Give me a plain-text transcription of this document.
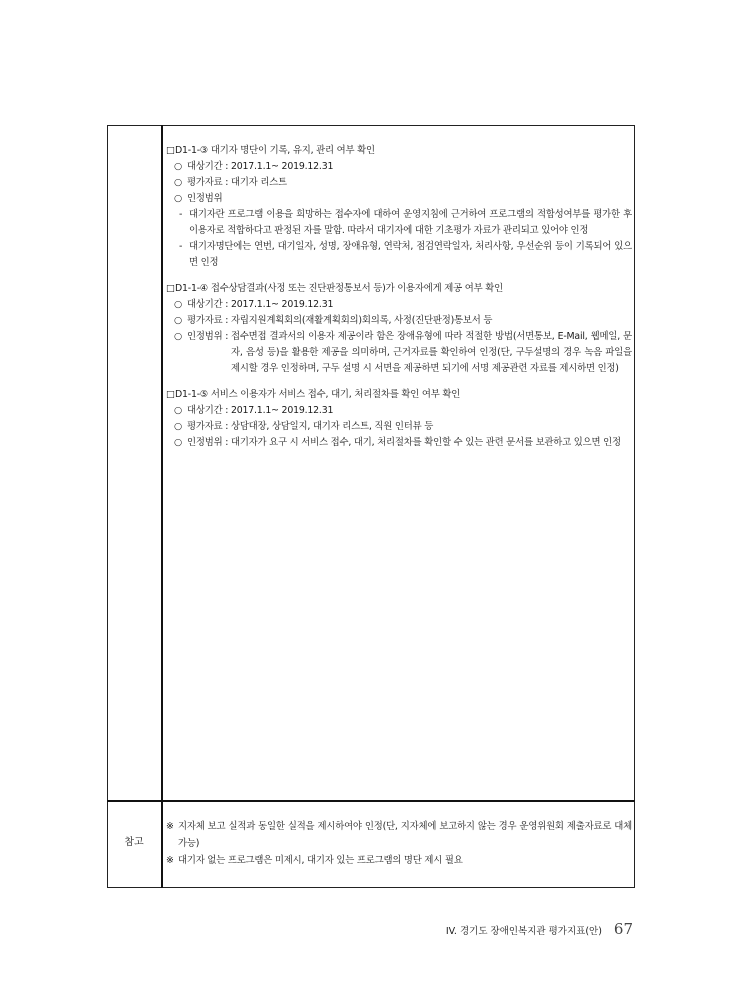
□ D1-1-③ 대기자 명단이 기록, 유지, 관리 여부 확인
○ 대상기간 : 2017.1.1~ 2019.12.31
○ 평가자료 : 대기자 리스트
○ 인정범위
- 대기자란 프로그램 이용을 희망하는 접수자에 대하여 운영지침에 근거하여 프로그램의 적합성여부를 평가한 후 이용자로 적합하다고 판정된 자를 말함. 따라서 대기자에 대한 기초평가 자료가 관리되고 있어야 인정
- 대기자명단에는 연번, 대기일자, 성명, 장애유형, 연락처, 점검연락일자, 처리사항, 우선순위 등이 기록되어 있으면 인정
□ D1-1-④ 접수상담결과(사정 또는 진단판정통보서 등)가 이용자에게 제공 여부 확인
○ 대상기간 : 2017.1.1~ 2019.12.31
○ 평가자료 : 자립지원계획회의(재활계획회의)회의록, 사정(진단판정)통보서 등
○ 인정범위 : 접수면접 결과서의 이용자 제공이라 함은 장애유형에 따라 적절한 방법(서면통보, E-Mail, 웹메일, 문자, 음성 등)을 활용한 제공을 의미하며, 근거자료를 확인하여 인정(단, 구두설명의 경우 녹음 파일을 제시할 경우 인정하며, 구두 설명 시 서면을 제공하면 되기에 서명 제공관련 자료를 제시하면 인정)
□ D1-1-⑤ 서비스 이용자가 서비스 접수, 대기, 처리절차를 확인 여부 확인
○ 대상기간 : 2017.1.1~ 2019.12.31
○ 평가자료 : 상담대장, 상담일지, 대기자 리스트, 직원 인터뷰 등
○ 인정범위 : 대기자가 요구 시 서비스 접수, 대기, 처리절차를 확인할 수 있는 관련 문서를 보관하고 있으면 인정
참고
※ 지자체 보고 실적과 동일한 실적을 제시하여야 인정(단, 지자체에 보고하지 않는 경우 운영위원회 제출자료로 대체 가능)
※ 대기자 없는 프로그램은 미제시, 대기자 있는 프로그램의 명단 제시 필요
IV. 경기도 장애인복지관 평가지표(안) 67
